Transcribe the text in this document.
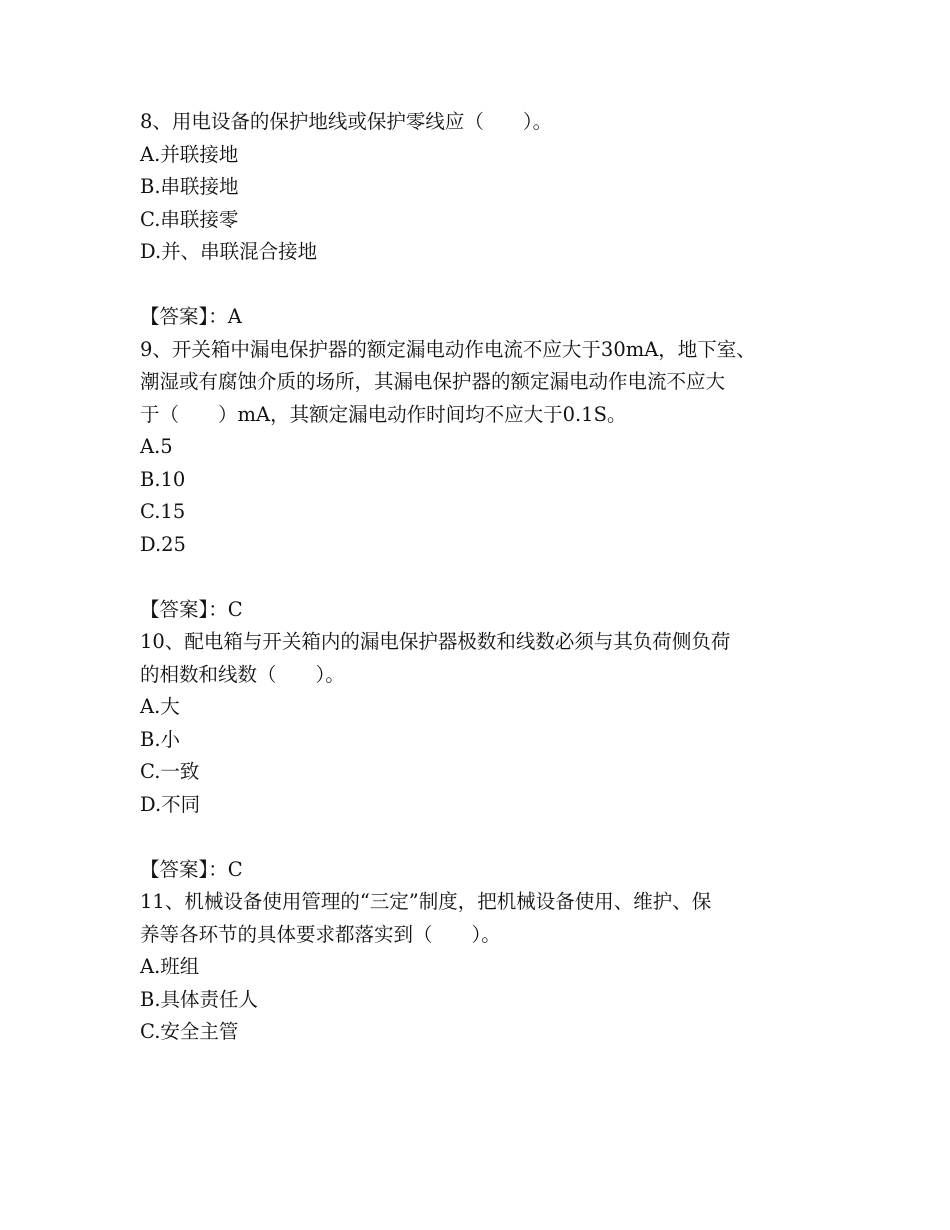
8、用电设备的保护地线或保护零线应（　　）。
A.并联接地
B.串联接地
C.串联接零
D.并、串联混合接地
【答案】：A
9、开关箱中漏电保护器的额定漏电动作电流不应大于30mA，地下室、
潮湿或有腐蚀介质的场所，其漏电保护器的额定漏电动作电流不应大
于（　　）mA，其额定漏电动作时间均不应大于0.1S。
A.5
B.10
C.15
D.25
【答案】：C
10、配电箱与开关箱内的漏电保护器极数和线数必须与其负荷侧负荷
的相数和线数（　　）。
A.大
B.小
C.一致
D.不同
【答案】：C
11、机械设备使用管理的“三定”制度，把机械设备使用、维护、保
养等各环节的具体要求都落实到（　　）。
A.班组
B.具体责任人
C.安全主管
